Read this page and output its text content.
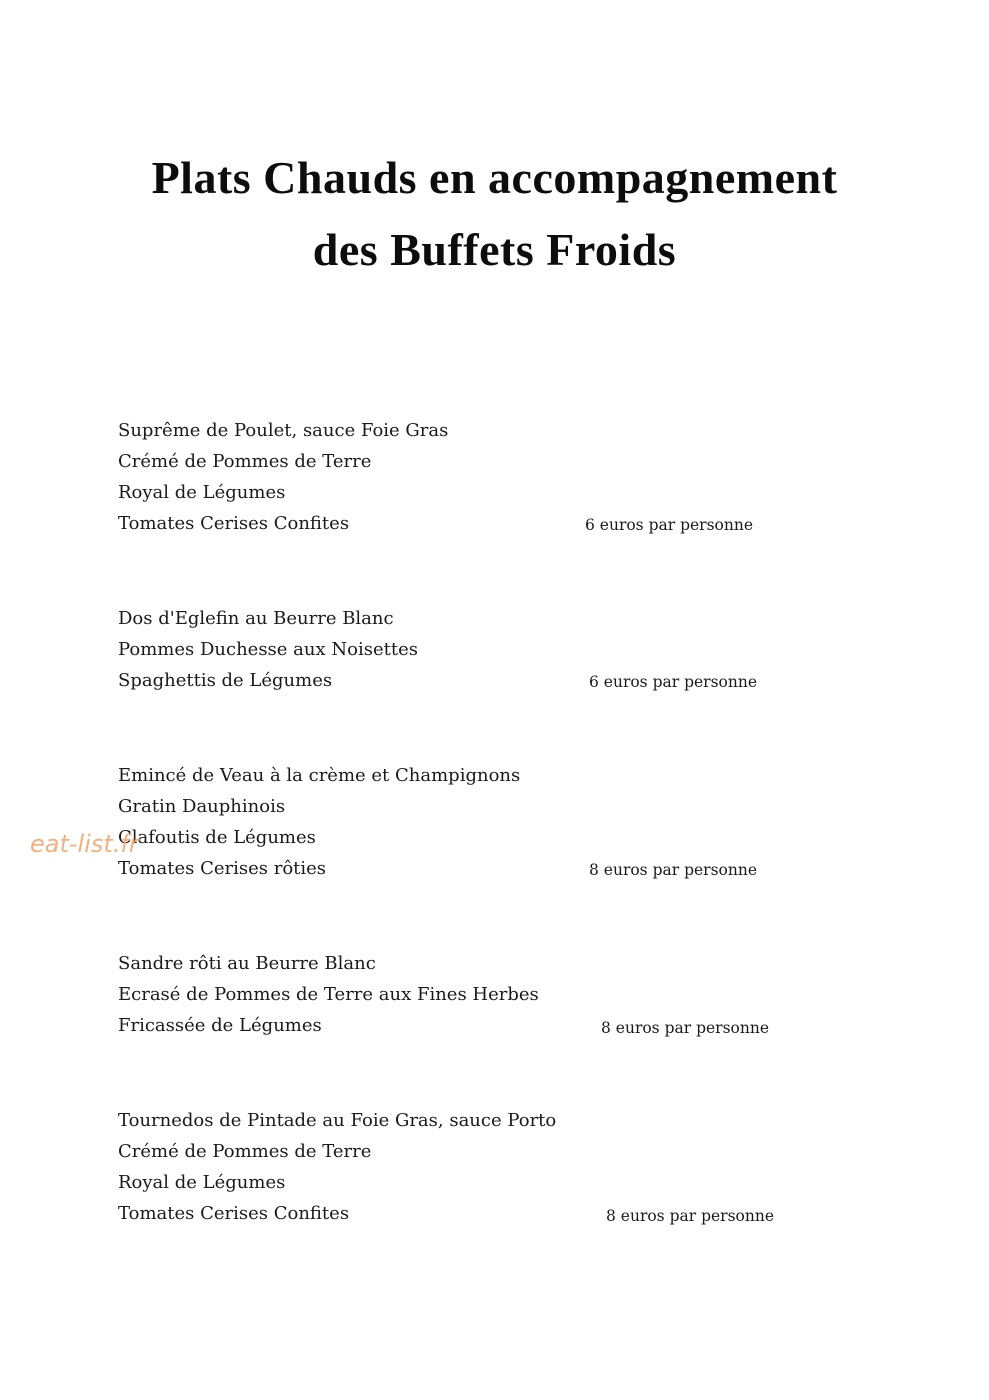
Plats Chauds en accompagnement
des Buffets Froids
Suprême de Poulet, sauce Foie Gras
Crémé de Pommes de Terre
Royal de Légumes
Tomates Cerises Confites	6 euros par personne
Dos d'Eglefin au Beurre Blanc
Pommes Duchesse aux Noisettes
Spaghettis de Légumes	6 euros par personne
Emincé de Veau à la crème et Champignons
Gratin Dauphinois
Clafoutis de Légumes
Tomates Cerises rôties	8 euros par personne
Sandre rôti au Beurre Blanc
Ecrasé de Pommes de Terre aux Fines Herbes
Fricassée de Légumes	8 euros par personne
Tournedos de Pintade au Foie Gras, sauce Porto
Crémé de Pommes de Terre
Royal de Légumes
Tomates Cerises Confites	8 euros par personne
eat-list.fr
